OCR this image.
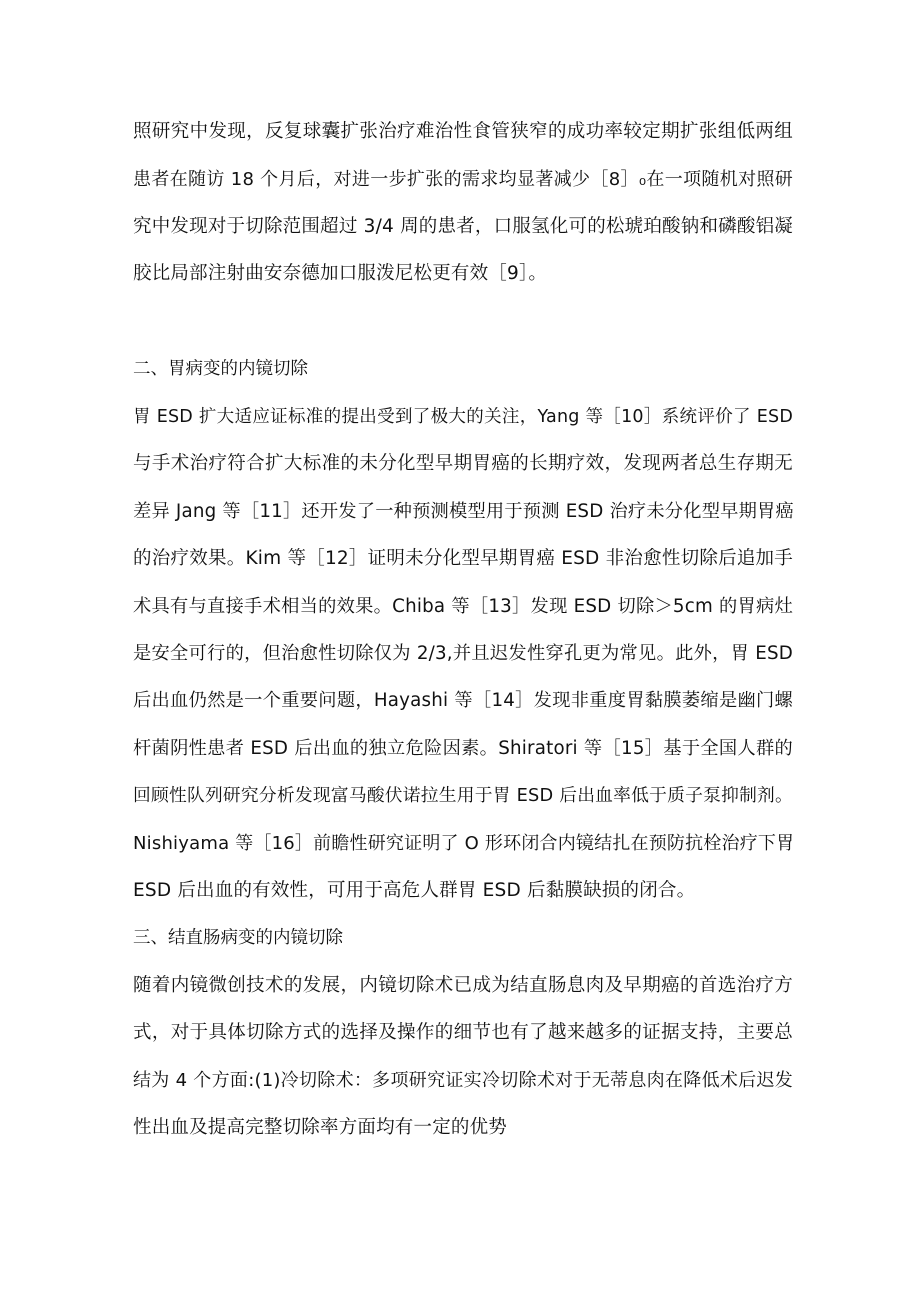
照研究中发现，反复球囊扩张治疗难治性食管狭窄的成功率较定期扩张组低两组
患者在随访 18 个月后，对进一步扩张的需求均显著减少［8］₀在一项随机对照研
究中发现对于切除范围超过 3/4 周的患者，口服氢化可的松琥珀酸钠和磷酸铝凝
胶比局部注射曲安奈德加口服泼尼松更有效［9］。
二、胃病变的内镜切除
胃 ESD 扩大适应证标准的提出受到了极大的关注，Yang 等［10］系统评价了 ESD
与手术治疗符合扩大标准的未分化型早期胃癌的长期疗效，发现两者总生存期无
差异 Jang 等［11］还开发了一种预测模型用于预测 ESD 治疗未分化型早期胃癌
的治疗效果。Kim 等［12］证明未分化型早期胃癌 ESD 非治愈性切除后追加手
术具有与直接手术相当的效果。Chiba 等［13］发现 ESD 切除＞5cm 的胃病灶
是安全可行的，但治愈性切除仅为 2/3,并且迟发性穿孔更为常见。此外，胃 ESD
后出血仍然是一个重要问题，Hayashi 等［14］发现非重度胃黏膜萎缩是幽门螺
杆菌阴性患者 ESD 后出血的独立危险因素。Shiratori 等［15］基于全国人群的
回顾性队列研究分析发现富马酸伏诺拉生用于胃 ESD 后出血率低于质子泵抑制剂。
Nishiyama 等［16］前瞻性研究证明了 O 形环闭合内镜结扎在预防抗栓治疗下胃
ESD 后出血的有效性，可用于高危人群胃 ESD 后黏膜缺损的闭合。
三、结直肠病变的内镜切除
随着内镜微创技术的发展，内镜切除术已成为结直肠息肉及早期癌的首选治疗方
式，对于具体切除方式的选择及操作的细节也有了越来越多的证据支持，主要总
结为 4 个方面:(1)冷切除术：多项研究证实冷切除术对于无蒂息肉在降低术后迟发
性出血及提高完整切除率方面均有一定的优势
